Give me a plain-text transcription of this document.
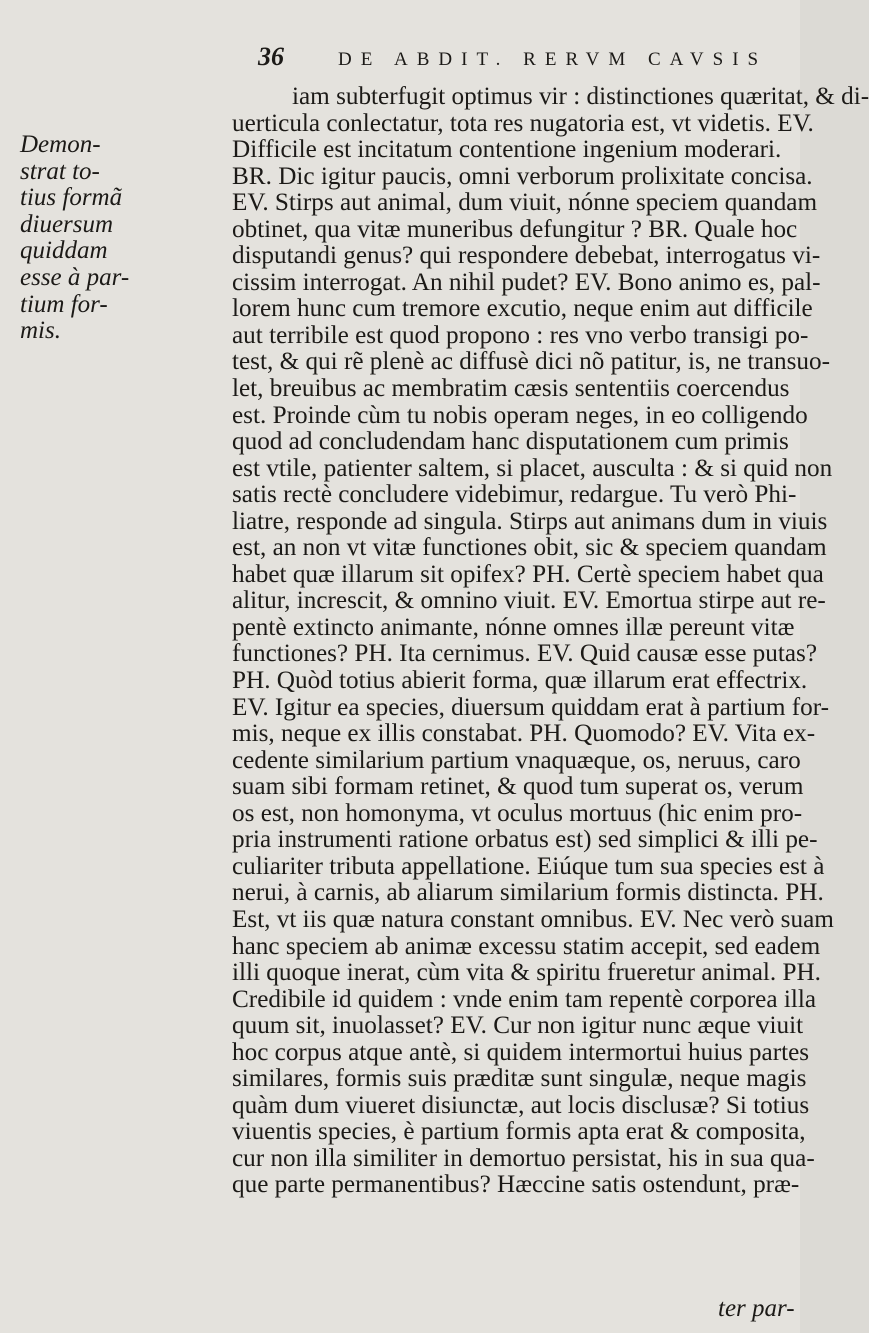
36	DE ABDIT. RERVM CAVSIS
Demon-
strat to-
tius formã
diuersum
quiddam
esse à par-
tium for-
mis.
iam subterfugit optimus vir : distinctiones quæritat, & di-
uerticula conlectatur, tota res nugatoria est, vt videtis. EV.
Difficile est incitatum contentione ingenium moderari.
BR. Dic igitur paucis, omni verborum prolixitate concisa.
EV. Stirps aut animal, dum viuit, nónne speciem quandam
obtinet, qua vitæ muneribus defungitur ? BR. Quale hoc
disputandi genus? qui respondere debebat, interrogatus vi-
cissim interrogat. An nihil pudet? EV. Bono animo es, pal-
lorem hunc cum tremore excutio, neque enim aut difficile
aut terribile est quod propono : res vno verbo transigi po-
test, & qui rẽ plenè ac diffusè dici nõ patitur, is, ne transuo-
let, breuibus ac membratim cæsis sententiis coercendus
est. Proinde cùm tu nobis operam neges, in eo colligendo
quod ad concludendam hanc disputationem cum primis
est vtile, patienter saltem, si placet, ausculta : & si quid non
satis rectè concludere videbimur, redargue. Tu verò Phi-
liatre, responde ad singula. Stirps aut animans dum in viuis
est, an non vt vitæ functiones obit, sic & speciem quandam
habet quæ illarum sit opifex? PH. Certè speciem habet qua
alitur, increscit, & omnino viuit. EV. Emortua stirpe aut re-
pentè extincto animante, nónne omnes illæ pereunt vitæ
functiones? PH. Ita cernimus. EV. Quid causæ esse putas?
PH. Quòd totius abierit forma, quæ illarum erat effectrix.
EV. Igitur ea species, diuersum quiddam erat à partium for-
mis, neque ex illis constabat. PH. Quomodo? EV. Vita ex-
cedente similarium partium vnaquæque, os, neruus, caro
suam sibi formam retinet, & quod tum superat os, verum
os est, non homonyma, vt oculus mortuus (hic enim pro-
pria instrumenti ratione orbatus est) sed simplici & illi pe-
culiariter tributa appellatione. Eiúque tum sua species est à
nerui, à carnis, ab aliarum similarium formis distincta. PH.
Est, vt iis quæ natura constant omnibus. EV. Nec verò suam
hanc speciem ab animæ excessu statim accepit, sed eadem
illi quoque inerat, cùm vita & spiritu frueretur animal. PH.
Credibile id quidem : vnde enim tam repentè corporea illa
quum sit, inuolasset? EV. Cur non igitur nunc æque viuit
hoc corpus atque antè, si quidem intermortui huius partes
similares, formis suis præditæ sunt singulæ, neque magis
quàm dum viueret disiunctæ, aut locis disclusæ? Si totius
viuentis species, è partium formis apta erat & composita,
cur non illa similiter in demortuo persistat, his in sua qua-
que parte permanentibus? Hæccine satis ostendunt, præ-
ter par-
